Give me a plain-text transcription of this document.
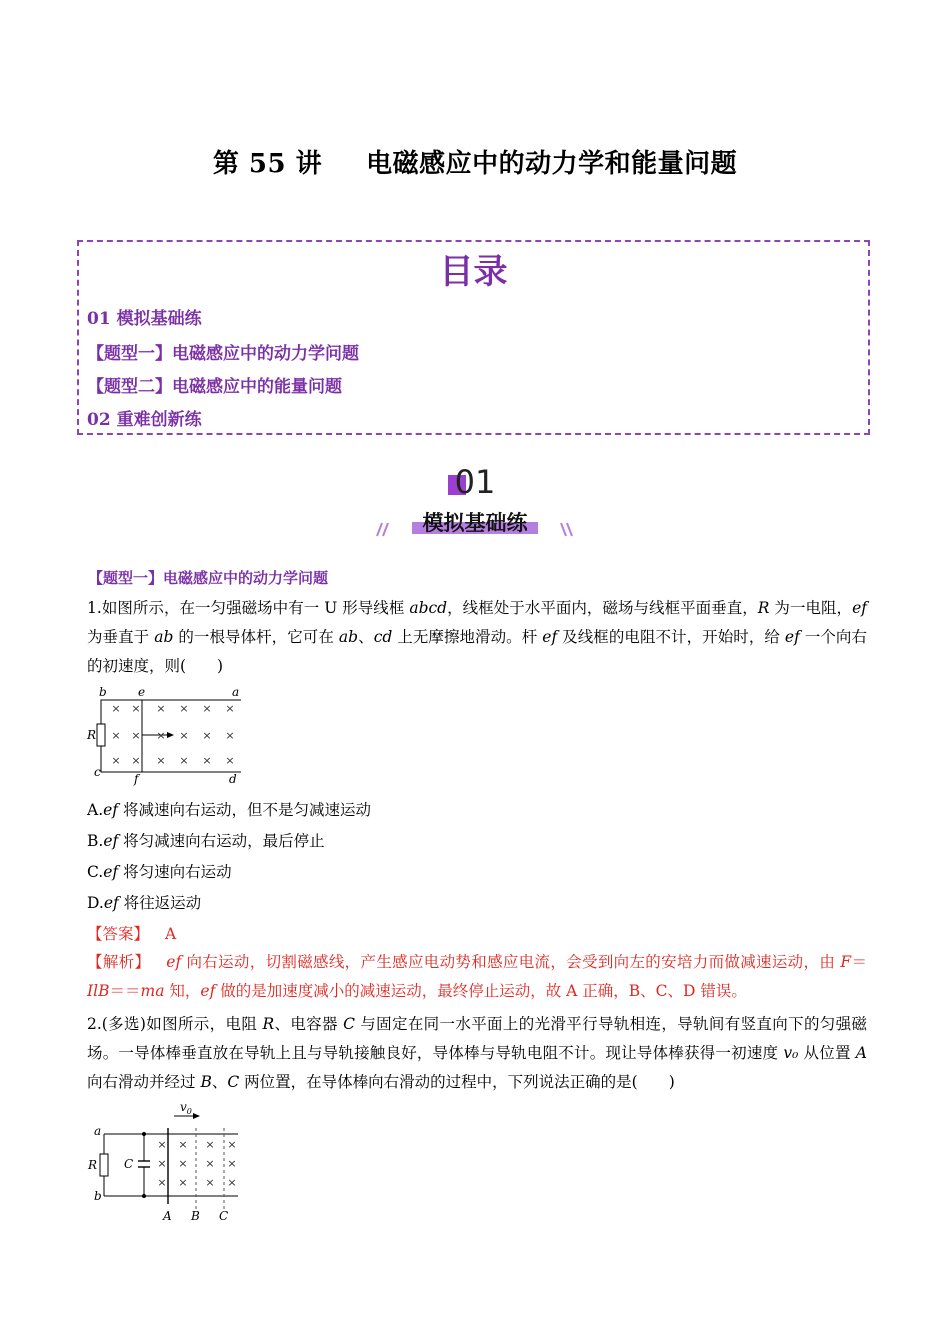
第 55 讲 电磁感应中的动力学和能量问题
目录
01 模拟基础练
【题型一】电磁感应中的动力学问题
【题型二】电磁感应中的能量问题
02 重难创新练
01
模拟基础练
【题型一】电磁感应中的动力学问题
1.如图所示，在一匀强磁场中有一 U 形导线框 abcd，线框处于水平面内，磁场与线框平面垂直，R 为一电阻，ef 为垂直于 ab 的一根导体杆，它可在 ab、cd 上无摩擦地滑动。杆 ef 及线框的电阻不计，开始时，给 ef 一个向右的初速度，则(　　)
b	e	a
R
c	f	d
× × × × × ×
× × × × × ×
× × × × × ×
A.ef 将减速向右运动，但不是匀减速运动
B.ef 将匀减速向右运动，最后停止
C.ef 将匀速向右运动
D.ef 将往返运动
【答案】 A
【解析】 ef 向右运动，切割磁感线，产生感应电动势和感应电流，会受到向左的安培力而做减速运动，由 F＝IlB＝＝ma 知，ef 做的是加速度减小的减速运动，最终停止运动，故 A 正确，B、C、D 错误。
2.(多选)如图所示，电阻 R、电容器 C 与固定在同一水平面上的光滑平行导轨相连，导轨间有竖直向下的匀强磁场。一导体棒垂直放在导轨上且与导轨接触良好，导体棒与导轨电阻不计。现让导体棒获得一初速度 v₀ 从位置 A 向右滑动并经过 B、C 两位置，在导体棒向右滑动的过程中，下列说法正确的是(　　)
a
b
R C
$v_0$
A B C
× × × ×
× × × ×
× × × ×
